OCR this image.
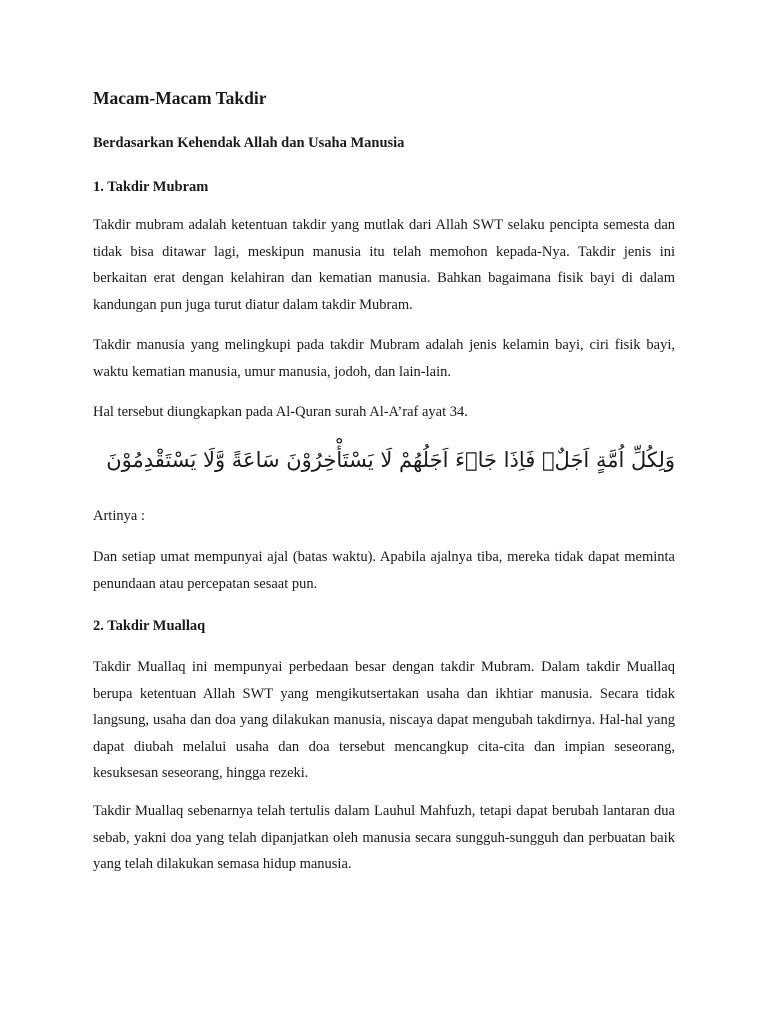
Macam-Macam Takdir
Berdasarkan Kehendak Allah dan Usaha Manusia
1. Takdir Mubram

Takdir mubram adalah ketentuan takdir yang mutlak dari Allah SWT selaku pencipta semesta dan tidak bisa ditawar lagi, meskipun manusia itu telah memohon kepada-Nya. Takdir jenis ini berkaitan erat dengan kelahiran dan kematian manusia. Bahkan bagaimana fisik bayi di dalam kandungan pun juga turut diatur dalam takdir Mubram.

Takdir manusia yang melingkupi pada takdir Mubram adalah jenis kelamin bayi, ciri fisik bayi, waktu kematian manusia, umur manusia, jodoh, dan lain-lain.

Hal tersebut diungkapkan pada Al-Quran surah Al-A’raf ayat 34.

وَلِكُلِّ اُمَّةٍ اَجَلٌۚ فَاِذَا جَاۤءَ اَجَلُهُمْ لَا يَسْتَأْخِرُوْنَ سَاعَةً وَّلَا يَسْتَقْدِمُوْنَ

Artinya :

Dan setiap umat mempunyai ajal (batas waktu). Apabila ajalnya tiba, mereka tidak dapat meminta penundaan atau percepatan sesaat pun.

2. Takdir Muallaq

Takdir Muallaq ini mempunyai perbedaan besar dengan takdir Mubram. Dalam takdir Muallaq berupa ketentuan Allah SWT yang mengikutsertakan usaha dan ikhtiar manusia. Secara tidak langsung, usaha dan doa yang dilakukan manusia, niscaya dapat mengubah takdirnya. Hal-hal yang dapat diubah melalui usaha dan doa tersebut mencangkup cita-cita dan impian seseorang, kesuksesan seseorang, hingga rezeki.

Takdir Muallaq sebenarnya telah tertulis dalam Lauhul Mahfuzh, tetapi dapat berubah lantaran dua sebab, yakni doa yang telah dipanjatkan oleh manusia secara sungguh-sungguh dan perbuatan baik yang telah dilakukan semasa hidup manusia.
